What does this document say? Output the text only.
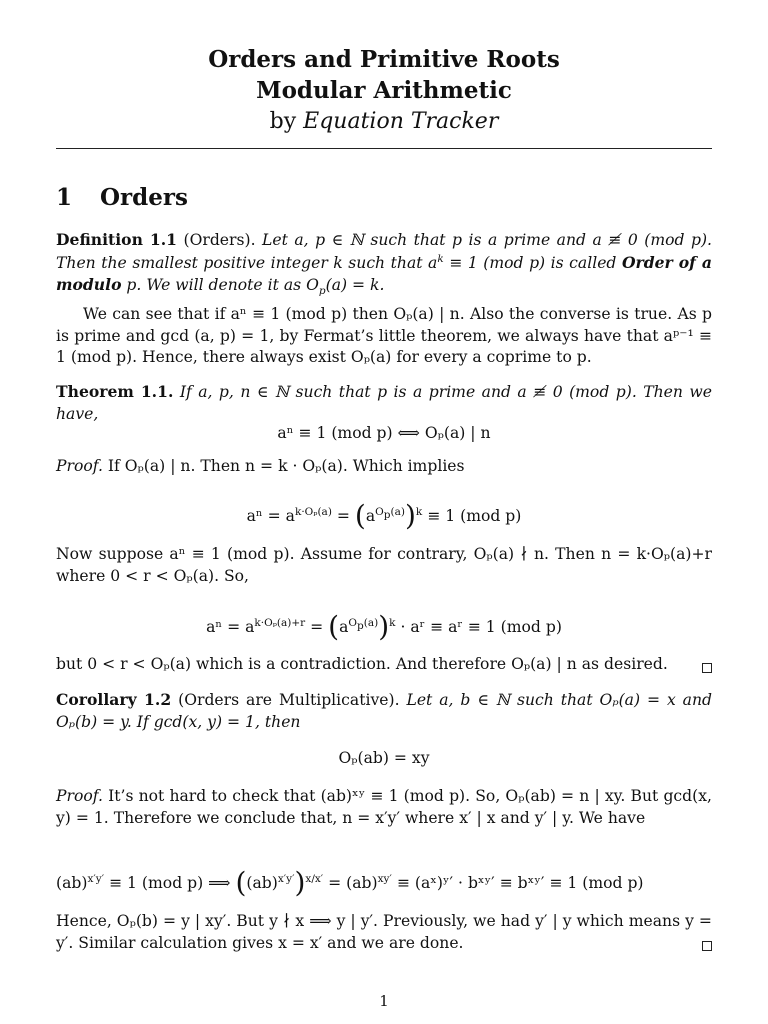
Orders and Primitive Roots
Modular Arithmetic
by Equation Tracker
1 Orders
Definition 1.1 (Orders). Let a, p ∈ ℕ such that p is a prime and a ≢ 0 (mod p). Then the smallest positive integer k such that $a^k \equiv 1$ (mod p) is called Order of a modulo p. We will denote it as $O_p(a) = k$.
We can see that if aⁿ ≡ 1 (mod p) then Oₚ(a) | n. Also the converse is true. As p is prime and gcd (a, p) = 1, by Fermat’s little theorem, we always have that aᵖ⁻¹ ≡ 1 (mod p). Hence, there always exist Oₚ(a) for every a coprime to p.
Theorem 1.1. If a, p, n ∈ ℕ such that p is a prime and a ≢ 0 (mod p). Then we have,
aⁿ ≡ 1 (mod p) ⟺ Oₚ(a) | n
Proof. If Oₚ(a) | n. Then n = k · Oₚ(a). Which implies
$a^n = a^{k\cdot O_p(a)} = (a^{O_p(a)})^k \equiv 1$ (mod p)
Now suppose aⁿ ≡ 1 (mod p). Assume for contrary, Oₚ(a) ∤ n. Then n = k·Oₚ(a)+r where 0 < r < Oₚ(a). So,
$a^n = a^{k\cdot O_p(a)+r} = (a^{O_p(a)})^k$ · aʳ ≡ aʳ ≡ 1 (mod p)
but 0 < r < Oₚ(a) which is a contradiction. And therefore Oₚ(a) | n as desired.
Corollary 1.2 (Orders are Multiplicative). Let a, b ∈ ℕ such that Oₚ(a) = x and Oₚ(b) = y. If gcd(x, y) = 1, then
Oₚ(ab) = xy
Proof. It’s not hard to check that (ab)ˣʸ ≡ 1 (mod p). So, Oₚ(ab) = n | xy. But gcd(x, y) = 1. Therefore we conclude that, n = x′y′ where x′ | x and y′ | y. We have
(ab)$^{x'y'}$ ≡ 1 (mod p) ⟹ $((ab)^{x'y'})^{x/x'} = (ab)^{xy'}$ ≡ (aˣ)ʸ′ · bˣʸ′ ≡ bˣʸ′ ≡ 1 (mod p)
Hence, Oₚ(b) = y | xy′. But y ∤ x ⟹ y | y′. Previously, we had y′ | y which means y = y′. Similar calculation gives x = x′ and we are done.
1
